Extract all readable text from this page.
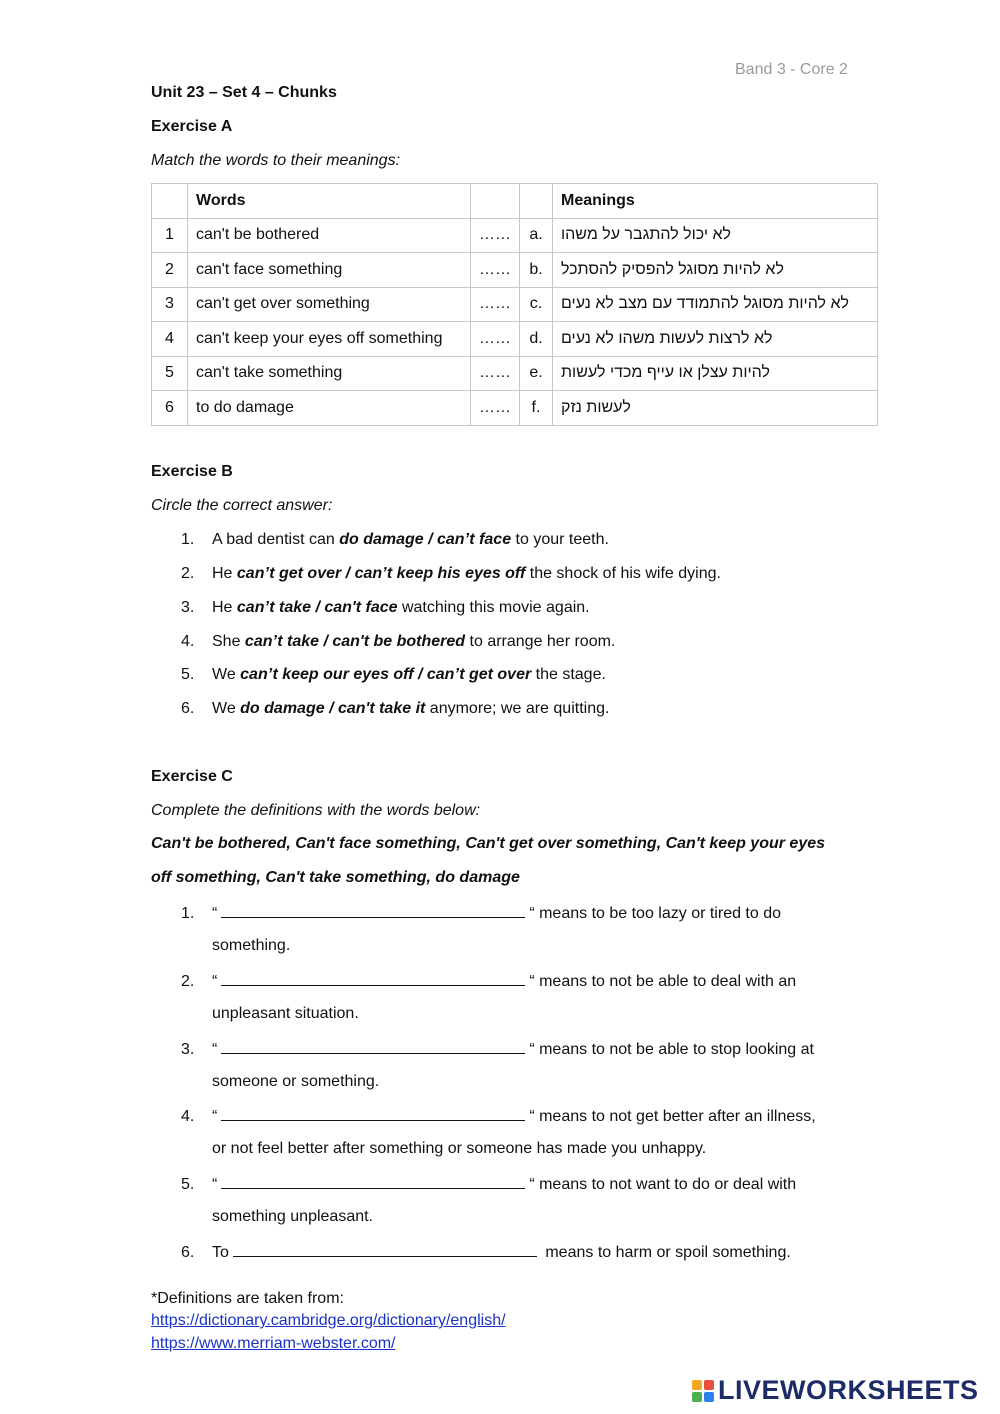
Band 3 - Core 2
Unit 23 – Set 4 – Chunks
Exercise A
Match the words to their meanings:
	Words			Meanings
1	can't be bothered	……	a.	לא יכול להתגבר על משהו
2	can't face something	……	b.	לא להיות מסוגל להפסיק להסתכל
3	can't get over something	……	c.	לא להיות מסוגל להתמודד עם מצב לא נעים
4	can't keep your eyes off something	……	d.	לא לרצות לעשות משהו לא נעים
5	can't take something	……	e.	להיות עצלן או עייף מכדי לעשות
6	to do damage	……	f.	לעשות נזק
Exercise B
Circle the correct answer:
1. A bad dentist can do damage / can’t face to your teeth.
2. He can’t get over / can’t keep his eyes off the shock of his wife dying.
3. He can’t take / can't face watching this movie again.
4. She can’t take / can't be bothered to arrange her room.
5. We can’t keep our eyes off / can’t get over the stage.
6. We do damage / can't take it anymore; we are quitting.
Exercise C
Complete the definitions with the words below:
Can't be bothered, Can't face something, Can't get over something, Can't keep your eyes
off something, Can't take something, do damage
1. “	“ means to be too lazy or tired to do
something.
2. “	“ means to not be able to deal with an
unpleasant situation.
3. “	“ means to not be able to stop looking at
someone or something.
4. “	“ means to not get better after an illness,
or not feel better after something or someone has made you unhappy.
5. “	“ means to not want to do or deal with
something unpleasant.
6. To	means to harm or spoil something.
*Definitions are taken from:
https://dictionary.cambridge.org/dictionary/english/
https://www.merriam-webster.com/
LIVEWORKSHEETS
